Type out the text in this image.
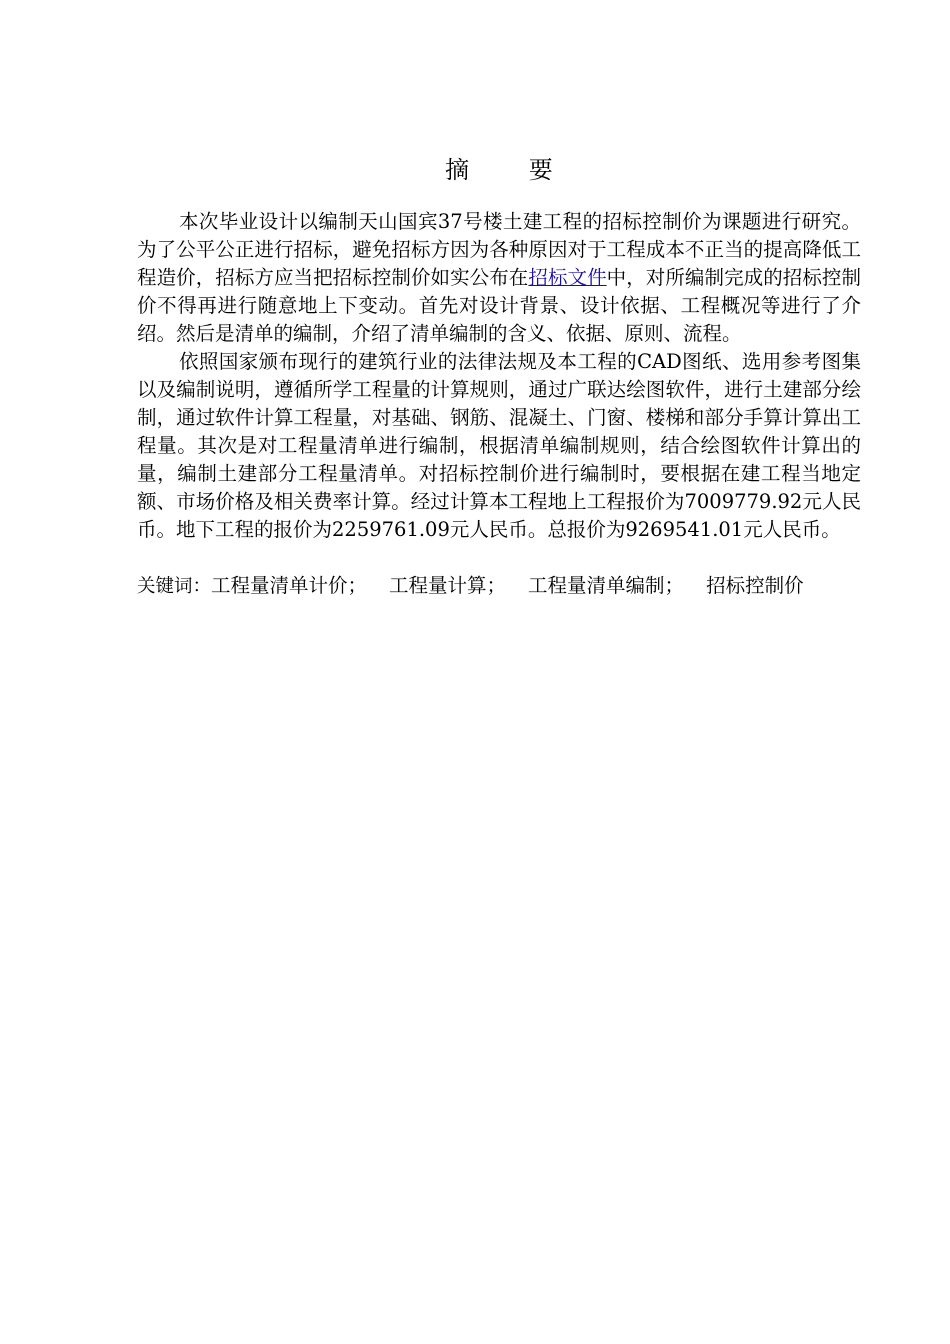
摘 要

本次毕业设计以编制天山国宾37号楼土建工程的招标控制价为课题进行研究。为了公平公正进行招标，避免招标方因为各种原因对于工程成本不正当的提高降低工程造价，招标方应当把招标控制价如实公布在招标文件中，对所编制完成的招标控制价不得再进行随意地上下变动。首先对设计背景、设计依据、工程概况等进行了介绍。然后是清单的编制，介绍了清单编制的含义、依据、原则、流程。

依照国家颁布现行的建筑行业的法律法规及本工程的CAD图纸、选用参考图集以及编制说明，遵循所学工程量的计算规则，通过广联达绘图软件，进行土建部分绘制，通过软件计算工程量，对基础、钢筋、混凝土、门窗、楼梯和部分手算计算出工程量。其次是对工程量清单进行编制，根据清单编制规则，结合绘图软件计算出的量，编制土建部分工程量清单。对招标控制价进行编制时，要根据在建工程当地定额、市场价格及相关费率计算。经过计算本工程地上工程报价为7009779.92元人民币。地下工程的报价为2259761.09元人民币。总报价为9269541.01元人民币。

关键词：工程量清单计价； 工程量计算； 工程量清单编制； 招标控制价
